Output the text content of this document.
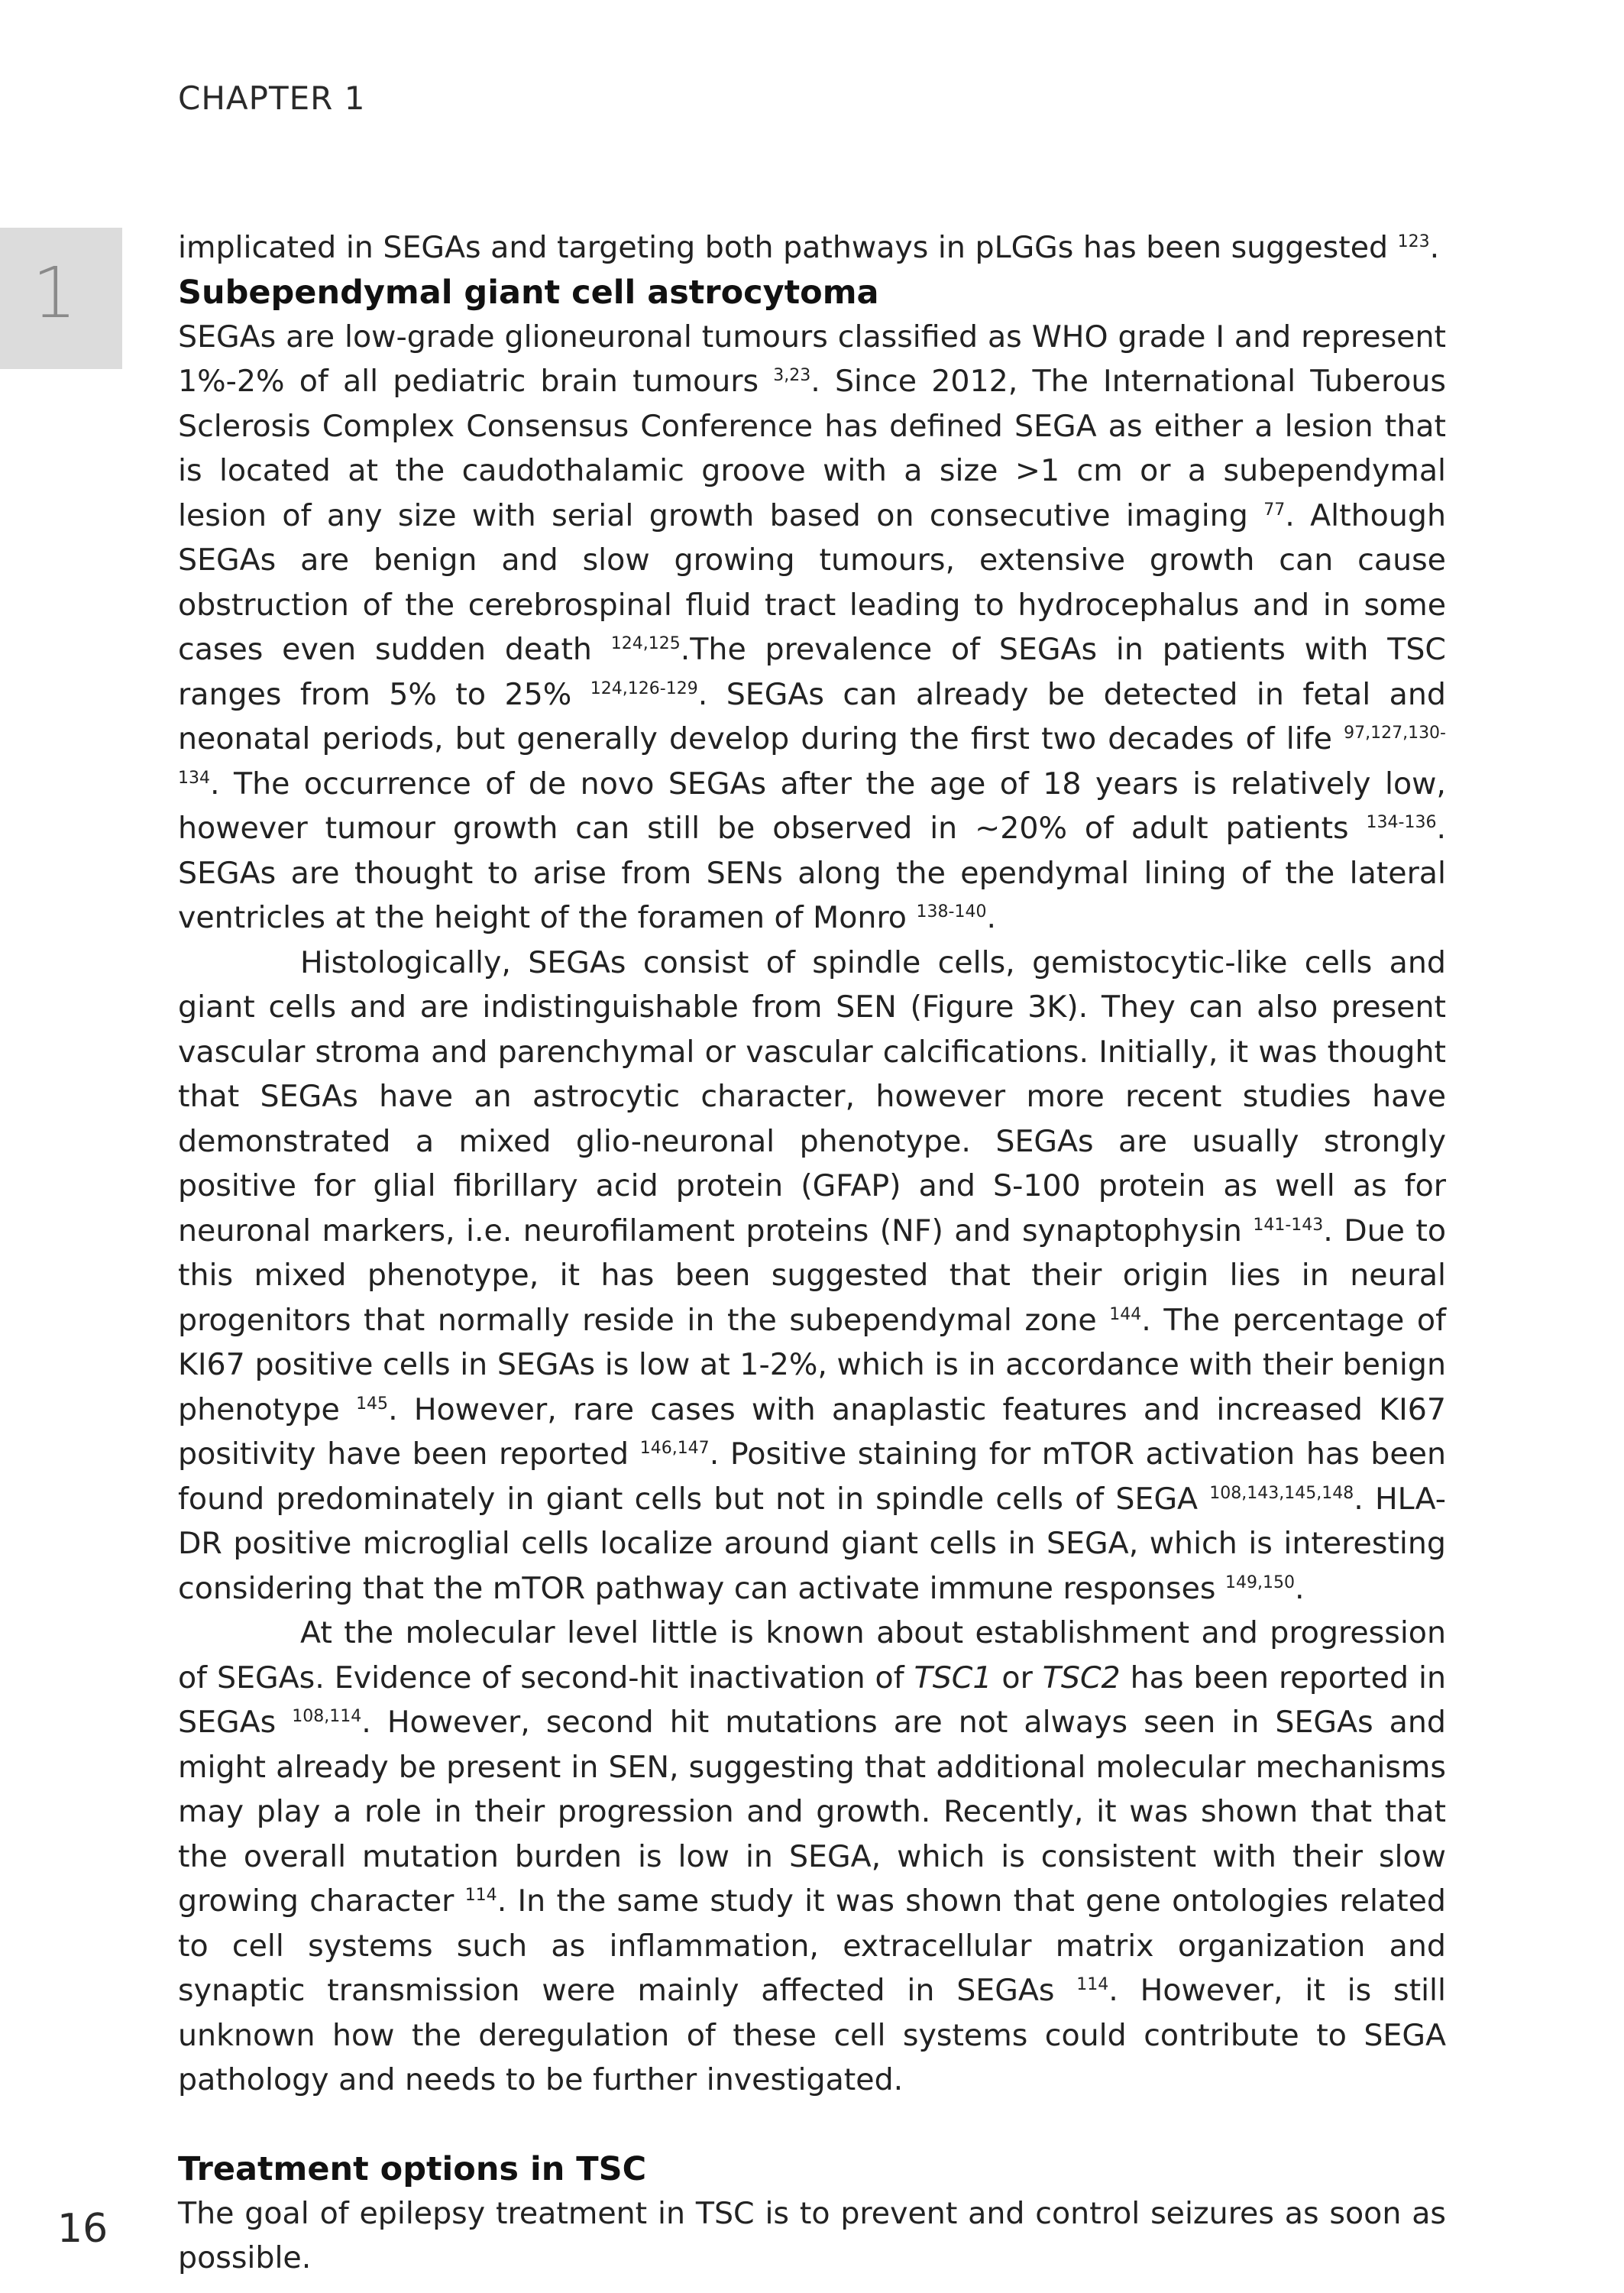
CHAPTER 1
1

implicated in SEGAs and targeting both pathways in pLGGs has been suggested $^{123}$.

Subependymal giant cell astrocytoma

SEGAs are low-grade glioneuronal tumours classified as WHO grade I and represent 1%-2% of all pediatric brain tumours $^{3,23}$. Since 2012, The International Tuberous Sclerosis Complex Consensus Conference has defined SEGA as either a lesion that is located at the caudothalamic groove with a size >1 cm or a subependymal lesion of any size with serial growth based on consecutive imaging $^{77}$. Although SEGAs are benign and slow growing tumours, extensive growth can cause obstruction of the cerebrospinal fluid tract leading to hydrocephalus and in some cases even sudden death $^{124,125}$.The prevalence of SEGAs in patients with TSC ranges from 5% to 25% $^{124,126-129}$. SEGAs can already be detected in fetal and neonatal periods, but generally develop during the first two decades of life $^{97,127,130-134}$. The occurrence of de novo SEGAs after the age of 18 years is relatively low, however tumour growth can still be observed in ~20% of adult patients $^{134-136}$. SEGAs are thought to arise from SENs along the ependymal lining of the lateral ventricles at the height of the foramen of Monro $^{138-140}$.

Histologically, SEGAs consist of spindle cells, gemistocytic-like cells and giant cells and are indistinguishable from SEN (Figure 3K). They can also present vascular stroma and parenchymal or vascular calcifications. Initially, it was thought that SEGAs have an astrocytic character, however more recent studies have demonstrated a mixed glio-neuronal phenotype. SEGAs are usually strongly positive for glial fibrillary acid protein (GFAP) and S-100 protein as well as for neuronal markers, i.e. neurofilament proteins (NF) and synaptophysin $^{141-143}$. Due to this mixed phenotype, it has been suggested that their origin lies in neural progenitors that normally reside in the subependymal zone $^{144}$. The percentage of KI67 positive cells in SEGAs is low at 1-2%, which is in accordance with their benign phenotype $^{145}$. However, rare cases with anaplastic features and increased KI67 positivity have been reported $^{146,147}$. Positive staining for mTOR activation has been found predominately in giant cells but not in spindle cells of SEGA $^{108,143,145,148}$. HLA-DR positive microglial cells localize around giant cells in SEGA, which is interesting considering that the mTOR pathway can activate immune responses $^{149,150}$.

At the molecular level little is known about establishment and progression of SEGAs. Evidence of second-hit inactivation of TSC1 or TSC2 has been reported in SEGAs $^{108,114}$. However, second hit mutations are not always seen in SEGAs and might already be present in SEN, suggesting that additional molecular mechanisms may play a role in their progression and growth. Recently, it was shown that that the overall mutation burden is low in SEGA, which is consistent with their slow growing character $^{114}$. In the same study it was shown that gene ontologies related to cell systems such as inflammation, extracellular matrix organization and synaptic transmission were mainly affected in SEGAs $^{114}$. However, it is still unknown how the deregulation of these cell systems could contribute to SEGA pathology and needs to be further investigated.

Treatment options in TSC

The goal of epilepsy treatment in TSC is to prevent and control seizures as soon as possible.

16
